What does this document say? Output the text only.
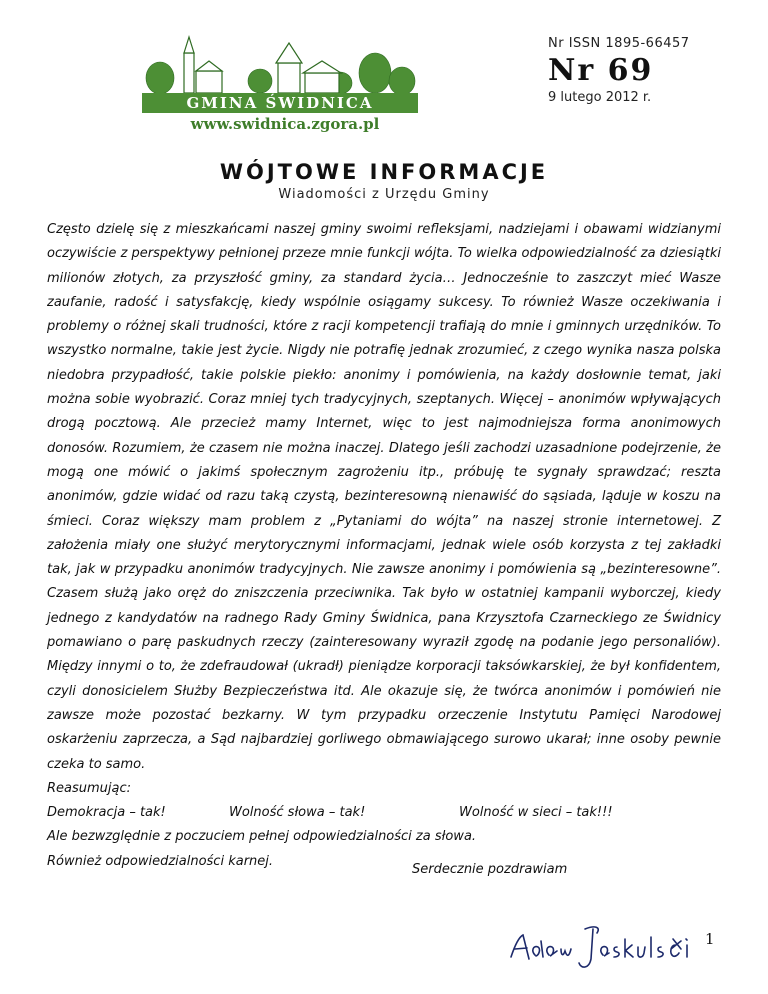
GMINA ŚWIDNICA
www.swidnica.zgora.pl
Nr ISSN 1895-66457
Nr 69
9 lutego 2012 r.
WÓJTOWE INFORMACJE
Wiadomości z Urzędu Gminy

Często dzielę się z mieszkańcami naszej gminy swoimi refleksjami, nadziejami i obawami widzianymi oczywiście z perspektywy pełnionej przeze mnie funkcji wójta. To wielka odpowiedzialność za dziesiątki milionów złotych, za przyszłość gminy, za standard życia… Jednocześnie to zaszczyt mieć Wasze zaufanie, radość i satysfakcję, kiedy wspólnie osiągamy sukcesy. To również Wasze oczekiwania i problemy o różnej skali trudności, które z racji kompetencji trafiają do mnie i gminnych urzędników. To wszystko normalne, takie jest życie. Nigdy nie potrafię jednak zrozumieć, z czego wynika nasza polska niedobra przypadłość, takie polskie piekło: anonimy i pomówienia, na każdy dosłownie temat, jaki można sobie wyobrazić. Coraz mniej tych tradycyjnych, szeptanych. Więcej – anonimów wpływających drogą pocztową. Ale przecież mamy Internet, więc to jest najmodniejsza forma anonimowych donosów. Rozumiem, że czasem nie można inaczej. Dlatego jeśli zachodzi uzasadnione podejrzenie, że mogą one mówić o jakimś społecznym zagrożeniu itp., próbuję te sygnały sprawdzać; reszta anonimów, gdzie widać od razu taką czystą, bezinteresowną nienawiść do sąsiada, ląduje w koszu na śmieci. Coraz większy mam problem z „Pytaniami do wójta” na naszej stronie internetowej. Z założenia miały one służyć merytorycznymi informacjami, jednak wiele osób korzysta z tej zakładki tak, jak w przypadku anonimów tradycyjnych. Nie zawsze anonimy i pomówienia są „bezinteresowne”. Czasem służą jako oręż do zniszczenia przeciwnika. Tak było w ostatniej kampanii wyborczej, kiedy jednego z kandydatów na radnego Rady Gminy Świdnica, pana Krzysztofa Czarneckiego ze Świdnicy pomawiano o parę paskudnych rzeczy (zainteresowany wyraził zgodę na podanie jego personaliów). Między innymi o to, że zdefraudował (ukradł) pieniądze korporacji taksówkarskiej, że był konfidentem, czyli donosicielem Służby Bezpieczeństwa itd. Ale okazuje się, że twórca anonimów i pomówień nie zawsze może pozostać bezkarny. W tym przypadku orzeczenie Instytutu Pamięci Narodowej oskarżeniu zaprzecza, a Sąd najbardziej gorliwego obmawiającego surowo ukarał; inne osoby pewnie czeka to samo.

Reasumując:
Demokracja – tak!	Wolność słowa – tak!	Wolność w sieci – tak!!!
Ale bezwzględnie z poczuciem pełnej odpowiedzialności za słowa.
Również odpowiedzialności karnej.
Serdecznie pozdrawiam
1
